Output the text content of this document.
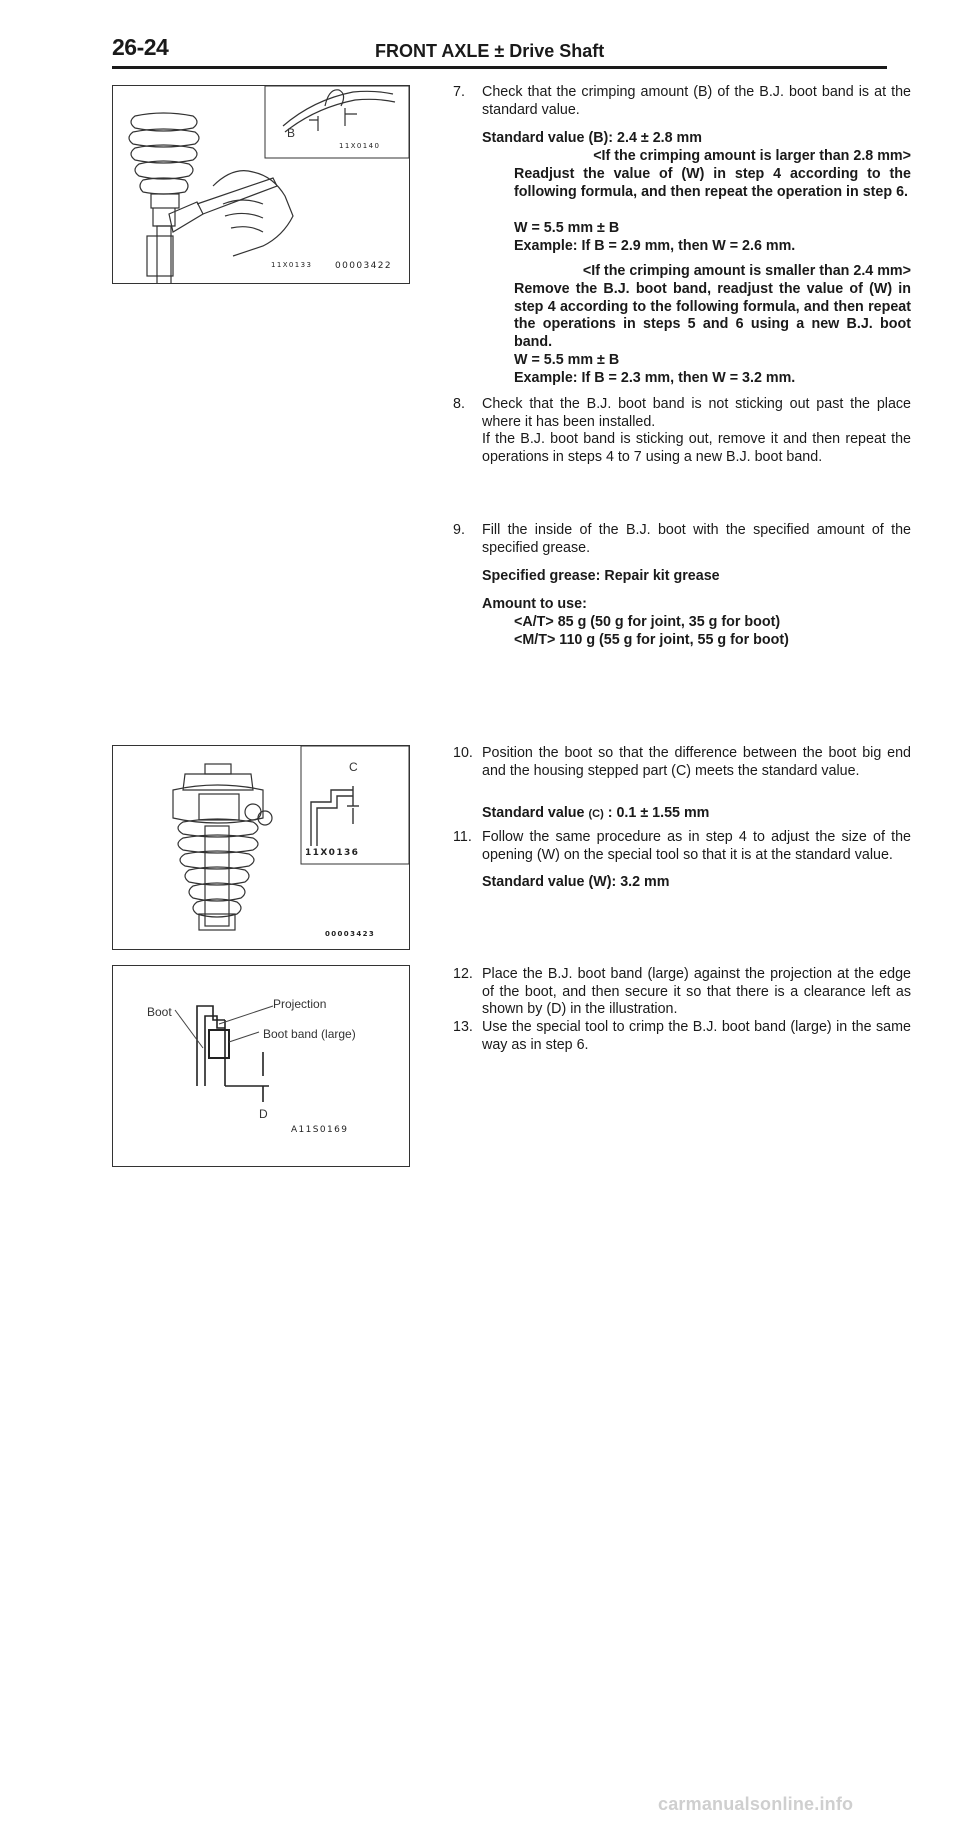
26-24	FRONT AXLE ± Drive Shaft
B
11X0140
11X0133	00003422
C
11X0136
00003423
Boot
Projection
Boot band (large)
D
A11S0169
7. Check that the crimping amount (B) of the B.J. boot band is at the standard value.
Standard value (B): 2.4 ± 2.8 mm
<If the crimping amount is larger than 2.8 mm>
Readjust the value of (W) in step 4 according to the following formula, and then repeat the operation in step 6.
W = 5.5 mm ± B
Example: If B = 2.9 mm, then W = 2.6 mm.
<If the crimping amount is smaller than 2.4 mm>
Remove the B.J. boot band, readjust the value of (W) in step 4 according to the following formula, and then repeat the operations in steps 5 and 6 using a new B.J. boot band.
W = 5.5 mm ± B
Example: If B = 2.3 mm, then W = 3.2 mm.
8. Check that the B.J. boot band is not sticking out past the place where it has been installed.
If the B.J. boot band is sticking out, remove it and then repeat the operations in steps 4 to 7 using a new B.J. boot band.
9. Fill the inside of the B.J. boot with the specified amount of the specified grease.
Specified grease: Repair kit grease
Amount to use:
<A/T> 85 g (50 g for joint, 35 g for boot)
<M/T> 110 g (55 g for joint, 55 g for boot)
10. Position the boot so that the difference between the boot big end and the housing stepped part (C) meets the standard value.
Standard value (C) : 0.1 ± 1.55 mm
11. Follow the same procedure as in step 4 to adjust the size of the opening (W) on the special tool so that it is at the standard value.
Standard value (W): 3.2 mm
12. Place the B.J. boot band (large) against the projection at the edge of the boot, and then secure it so that there is a clearance left as shown by (D) in the illustration.
13. Use the special tool to crimp the B.J. boot band (large) in the same way as in step 6.
carmanualsonline.info
